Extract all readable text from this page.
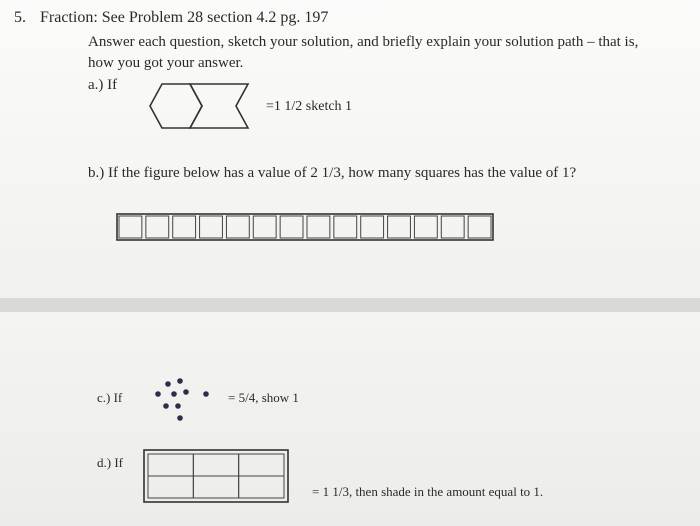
5. Fraction: See Problem 28 section 4.2 pg. 197
Answer each question, sketch your solution, and briefly explain your solution path – that is,
how you got your answer.
a.) If
=1 1/2 sketch 1
b.) If the figure below has a value of 2 1/3, how many squares has the value of 1?
c.) If	= 5/4, show 1
d.) If
= 1 1/3, then shade in the amount equal to 1.
